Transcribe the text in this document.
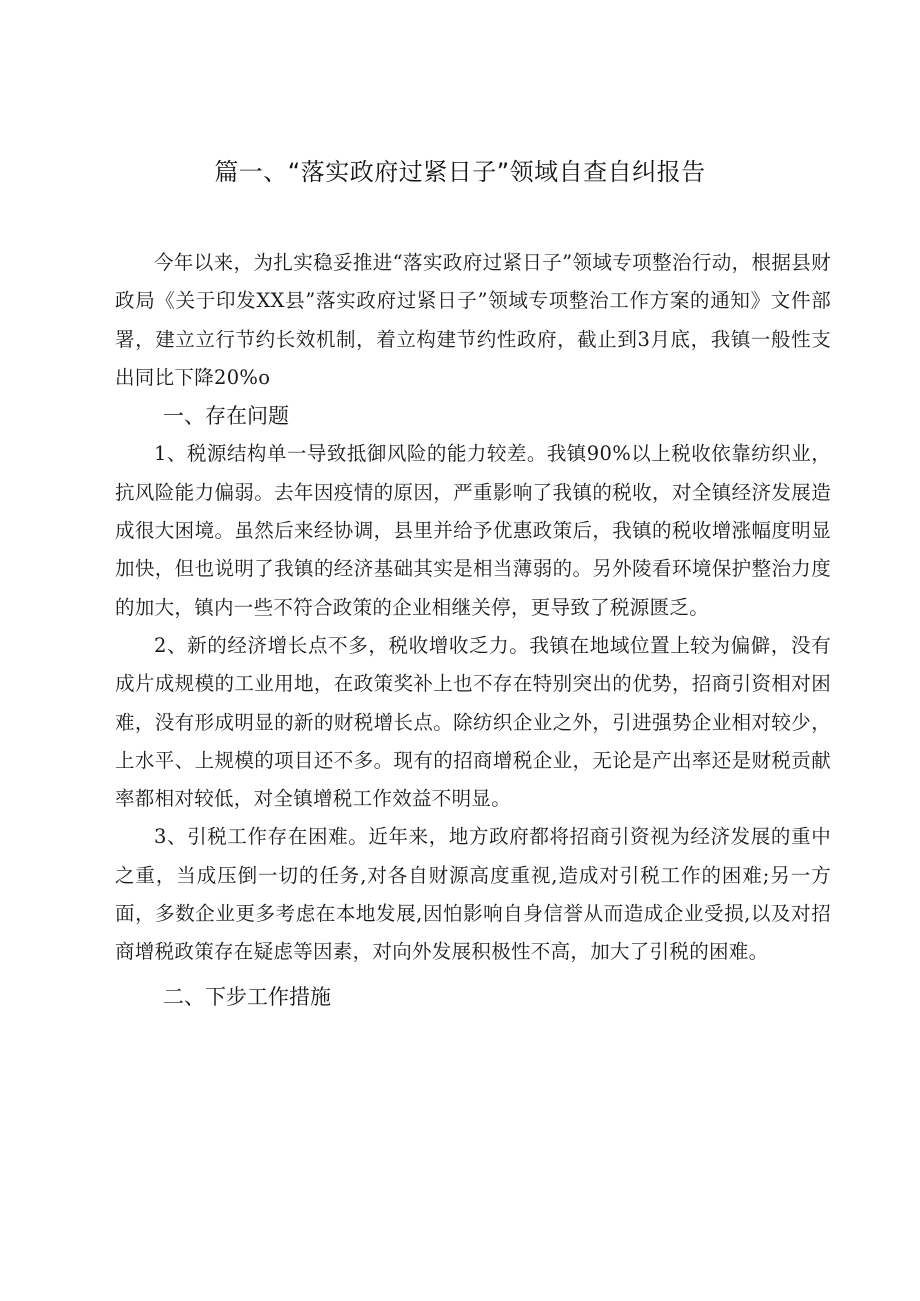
篇一、“落实政府过紧日子”领域自查自纠报告

今年以来，为扎实稳妥推进“落实政府过紧日子”领域专项整治行动，根据县财政局《关于印发XX县”落实政府过紧日子”领域专项整治工作方案的通知》文件部署，建立立行节约长效机制，着立构建节约性政府，截止到3月底，我镇一般性支出同比下降20%o

一、存在问题

1、税源结构单一导致抵御风险的能力较差。我镇90%以上税收依靠纺织业，抗风险能力偏弱。去年因疫情的原因，严重影响了我镇的税收，对全镇经济发展造成很大困境。虽然后来经协调，县里并给予优惠政策后，我镇的税收增涨幅度明显加快，但也说明了我镇的经济基础其实是相当薄弱的。另外陵看环境保护整治力度的加大，镇内一些不符合政策的企业相继关停，更导致了税源匮乏。

2、新的经济增长点不多，税收增收乏力。我镇在地域位置上较为偏僻，没有成片成规模的工业用地，在政策奖补上也不存在特别突出的优势，招商引资相对困难，没有形成明显的新的财税增长点。除纺织企业之外，引进强势企业相对较少，上水平、上规模的项目还不多。现有的招商增税企业，无论是产出率还是财税贡献率都相对较低，对全镇增税工作效益不明显。

3、引税工作存在困难。近年来，地方政府都将招商引资视为经济发展的重中之重，当成压倒一切的任务,对各自财源高度重视,造成对引税工作的困难;另一方面，多数企业更多考虑在本地发展,因怕影响自身信誉从而造成企业受损,以及对招商增税政策存在疑虑等因素，对向外发展积极性不高，加大了引税的困难。

二、下步工作措施
